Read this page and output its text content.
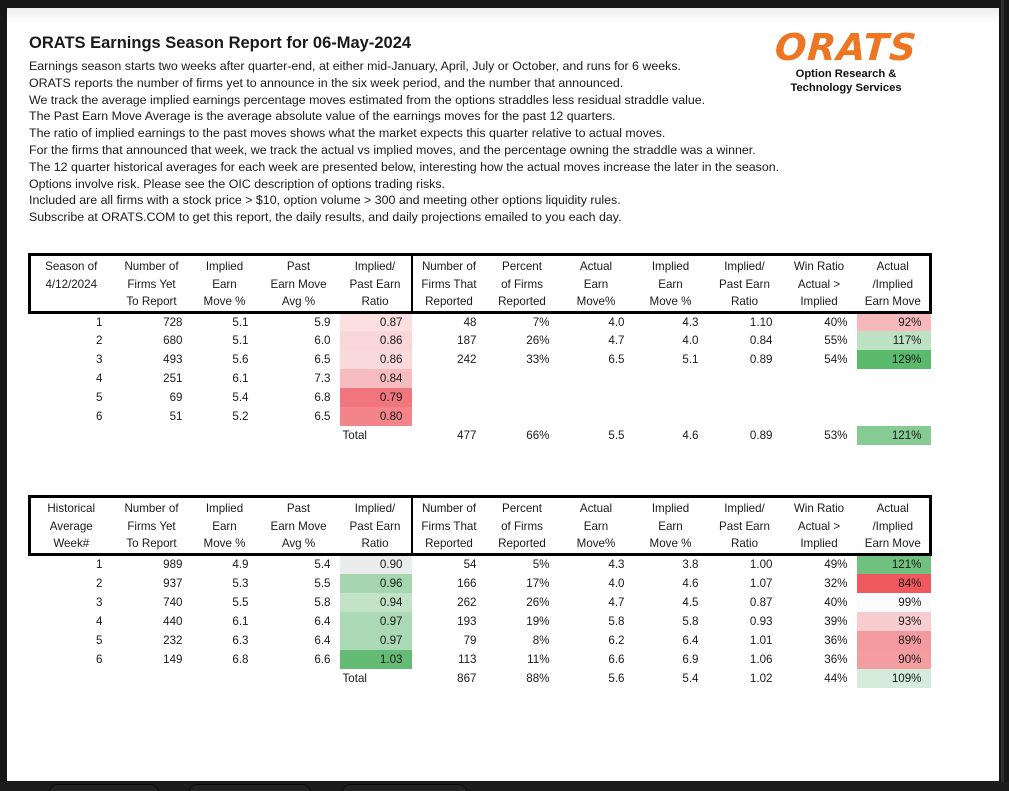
ORATS
Option Research &
Technology Services
ORATS Earnings Season Report for 06-May-2024

Earnings season starts two weeks after quarter-end, at either mid-January, April, July or October, and runs for 6 weeks.

ORATS reports the number of firms yet to announce in the six week period, and the number that announced.

We track the average implied earnings percentage moves estimated from the options straddles less residual straddle value.

The Past Earn Move Average is the average absolute value of the earnings moves for the past 12 quarters.

The ratio of implied earnings to the past moves shows what the market expects this quarter relative to actual moves.

For the firms that announced that week, we track the actual vs implied moves, and the percentage owning the straddle was a winner.

The 12 quarter historical averages for each week are presented below, interesting how the actual moves increase the later in the season.

Options involve risk. Please see the OIC description of options trading risks.

Included are all firms with a stock price > $10, option volume > 300 and meeting other options liquidity rules.

Subscribe at ORATS.COM to get this report, the daily results, and daily projections emailed to you each day.

Season of
4/12/2024	Number of
Firms Yet
To Report	Implied
Earn
Move %	Past
Earn Move
Avg %	Implied/
Past Earn
Ratio	Number of
Firms That
Reported	Percent
of Firms
Reported	Actual
Earn
Move%	Implied
Earn
Move %	Implied/
Past Earn
Ratio	Win Ratio
Actual >
Implied	Actual
/Implied
Earn Move
1	728	5.1	5.9	0.87	48	7%	4.0	4.3	1.10	40%	92%
2	680	5.1	6.0	0.86	187	26%	4.7	4.0	0.84	55%	117%
3	493	5.6	6.5	0.86	242	33%	6.5	5.1	0.89	54%	129%
4	251	6.1	7.3	0.84							
5	69	5.4	6.8	0.79							
6	51	5.2	6.5	0.80							
				Total	477	66%	5.5	4.6	0.89	53%	121%
Historical
Average
Week#	Number of
Firms Yet
To Report	Implied
Earn
Move %	Past
Earn Move
Avg %	Implied/
Past Earn
Ratio	Number of
Firms That
Reported	Percent
of Firms
Reported	Actual
Earn
Move%	Implied
Earn
Move %	Implied/
Past Earn
Ratio	Win Ratio
Actual >
Implied	Actual
/Implied
Earn Move
1	989	4.9	5.4	0.90	54	5%	4.3	3.8	1.00	49%	121%
2	937	5.3	5.5	0.96	166	17%	4.0	4.6	1.07	32%	84%
3	740	5.5	5.8	0.94	262	26%	4.7	4.5	0.87	40%	99%
4	440	6.1	6.4	0.97	193	19%	5.8	5.8	0.93	39%	93%
5	232	6.3	6.4	0.97	79	8%	6.2	6.4	1.01	36%	89%
6	149	6.8	6.6	1.03	113	11%	6.6	6.9	1.06	36%	90%
				Total	867	88%	5.6	5.4	1.02	44%	109%
